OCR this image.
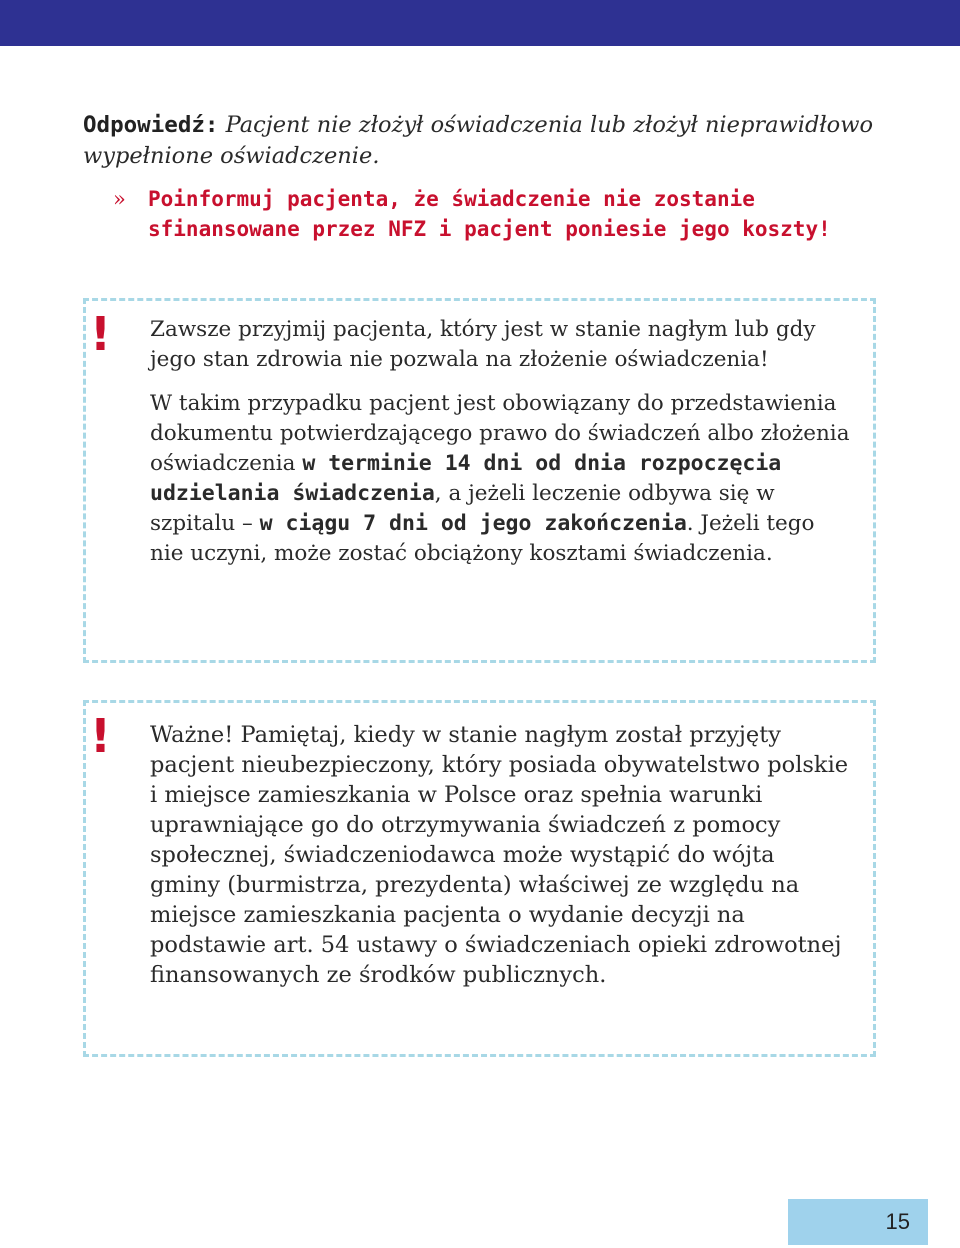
Odpowiedź: Pacjent nie złożył oświadczenia lub złożył nieprawidłowo wypełnione oświadczenie.
»	Poinformuj pacjenta, że świadczenie nie zostanie sfinansowane przez NFZ i pacjent poniesie jego koszty!
! Zawsze przyjmij pacjenta, który jest w stanie nagłym lub gdy jego stan zdrowia nie pozwala na złożenie oświadczenia!

W takim przypadku pacjent jest obowiązany do przedstawienia dokumentu potwierdzającego prawo do świadczeń albo złożenia oświadczenia w terminie 14 dni od dnia rozpoczęcia udzielania świadczenia, a jeżeli leczenie odbywa się w szpitalu – w ciągu 7 dni od jego zakończenia. Jeżeli tego nie uczyni, może zostać obciążony kosztami świadczenia.

! Ważne! Pamiętaj, kiedy w stanie nagłym został przyjęty pacjent nieubezpieczony, który posiada obywatelstwo polskie i miejsce zamieszkania w Polsce oraz spełnia warunki uprawniające go do otrzymywania świadczeń z pomocy społecznej, świadczeniodawca może wystąpić do wójta gminy (burmistrza, prezydenta) właściwej ze względu na miejsce zamieszkania pacjenta o wydanie decyzji na podstawie art. 54 ustawy o świadczeniach opieki zdrowotnej finansowanych ze środków publicznych.

15
